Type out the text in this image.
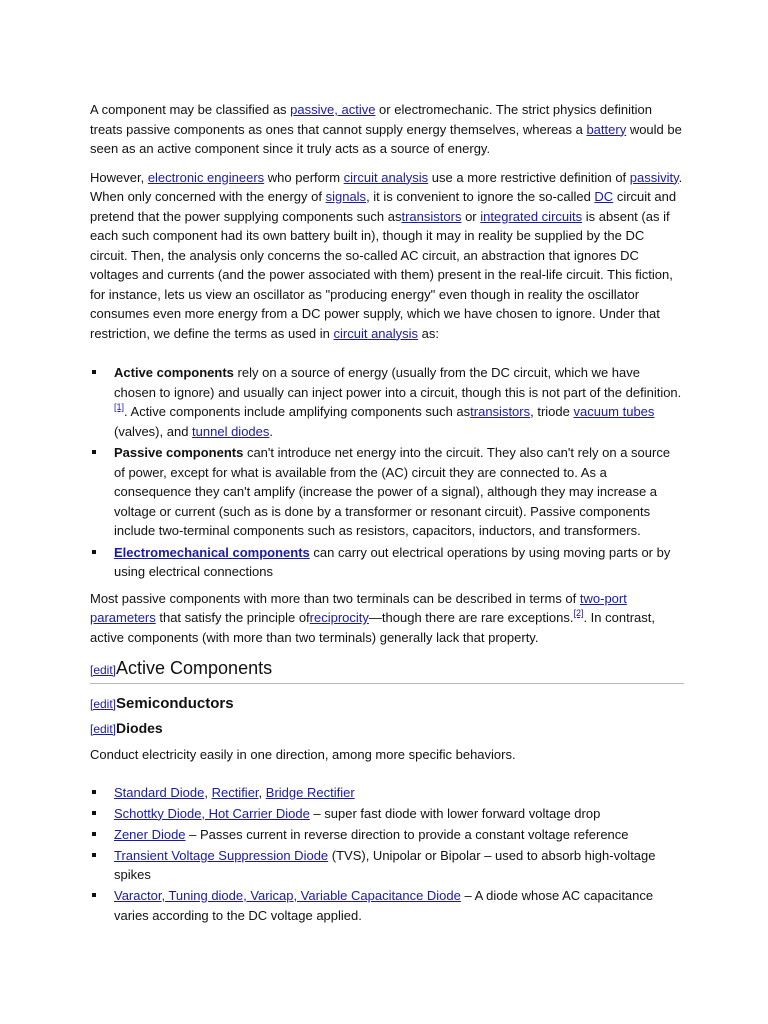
A component may be classified as passive, active or electromechanic. The strict physics definition treats passive components as ones that cannot supply energy themselves, whereas a battery would be seen as an active component since it truly acts as a source of energy.

However, electronic engineers who perform circuit analysis use a more restrictive definition of passivity. When only concerned with the energy of signals, it is convenient to ignore the so-called DC circuit and pretend that the power supplying components such astransistors or integrated circuits is absent (as if each such component had its own battery built in), though it may in reality be supplied by the DC circuit. Then, the analysis only concerns the so-called AC circuit, an abstraction that ignores DC voltages and currents (and the power associated with them) present in the real-life circuit. This fiction, for instance, lets us view an oscillator as "producing energy" even though in reality the oscillator consumes even more energy from a DC power supply, which we have chosen to ignore. Under that restriction, we define the terms as used in circuit analysis as:

Active components rely on a source of energy (usually from the DC circuit, which we have chosen to ignore) and usually can inject power into a circuit, though this is not part of the definition.[1]. Active components include amplifying components such astransistors, triode vacuum tubes (valves), and tunnel diodes.
Passive components can't introduce net energy into the circuit. They also can't rely on a source of power, except for what is available from the (AC) circuit they are connected to. As a consequence they can't amplify (increase the power of a signal), although they may increase a voltage or current (such as is done by a transformer or resonant circuit). Passive components include two-terminal components such as resistors, capacitors, inductors, and transformers.
Electromechanical components can carry out electrical operations by using moving parts or by using electrical connections

Most passive components with more than two terminals can be described in terms of two-port parameters that satisfy the principle ofreciprocity—though there are rare exceptions.[2]. In contrast, active components (with more than two terminals) generally lack that property.

[edit]Active Components
[edit]Semiconductors
[edit]Diodes

Conduct electricity easily in one direction, among more specific behaviors.

Standard Diode, Rectifier, Bridge Rectifier
Schottky Diode, Hot Carrier Diode – super fast diode with lower forward voltage drop
Zener Diode – Passes current in reverse direction to provide a constant voltage reference
Transient Voltage Suppression Diode (TVS), Unipolar or Bipolar – used to absorb high-voltage spikes
Varactor, Tuning diode, Varicap, Variable Capacitance Diode – A diode whose AC capacitance varies according to the DC voltage applied.
